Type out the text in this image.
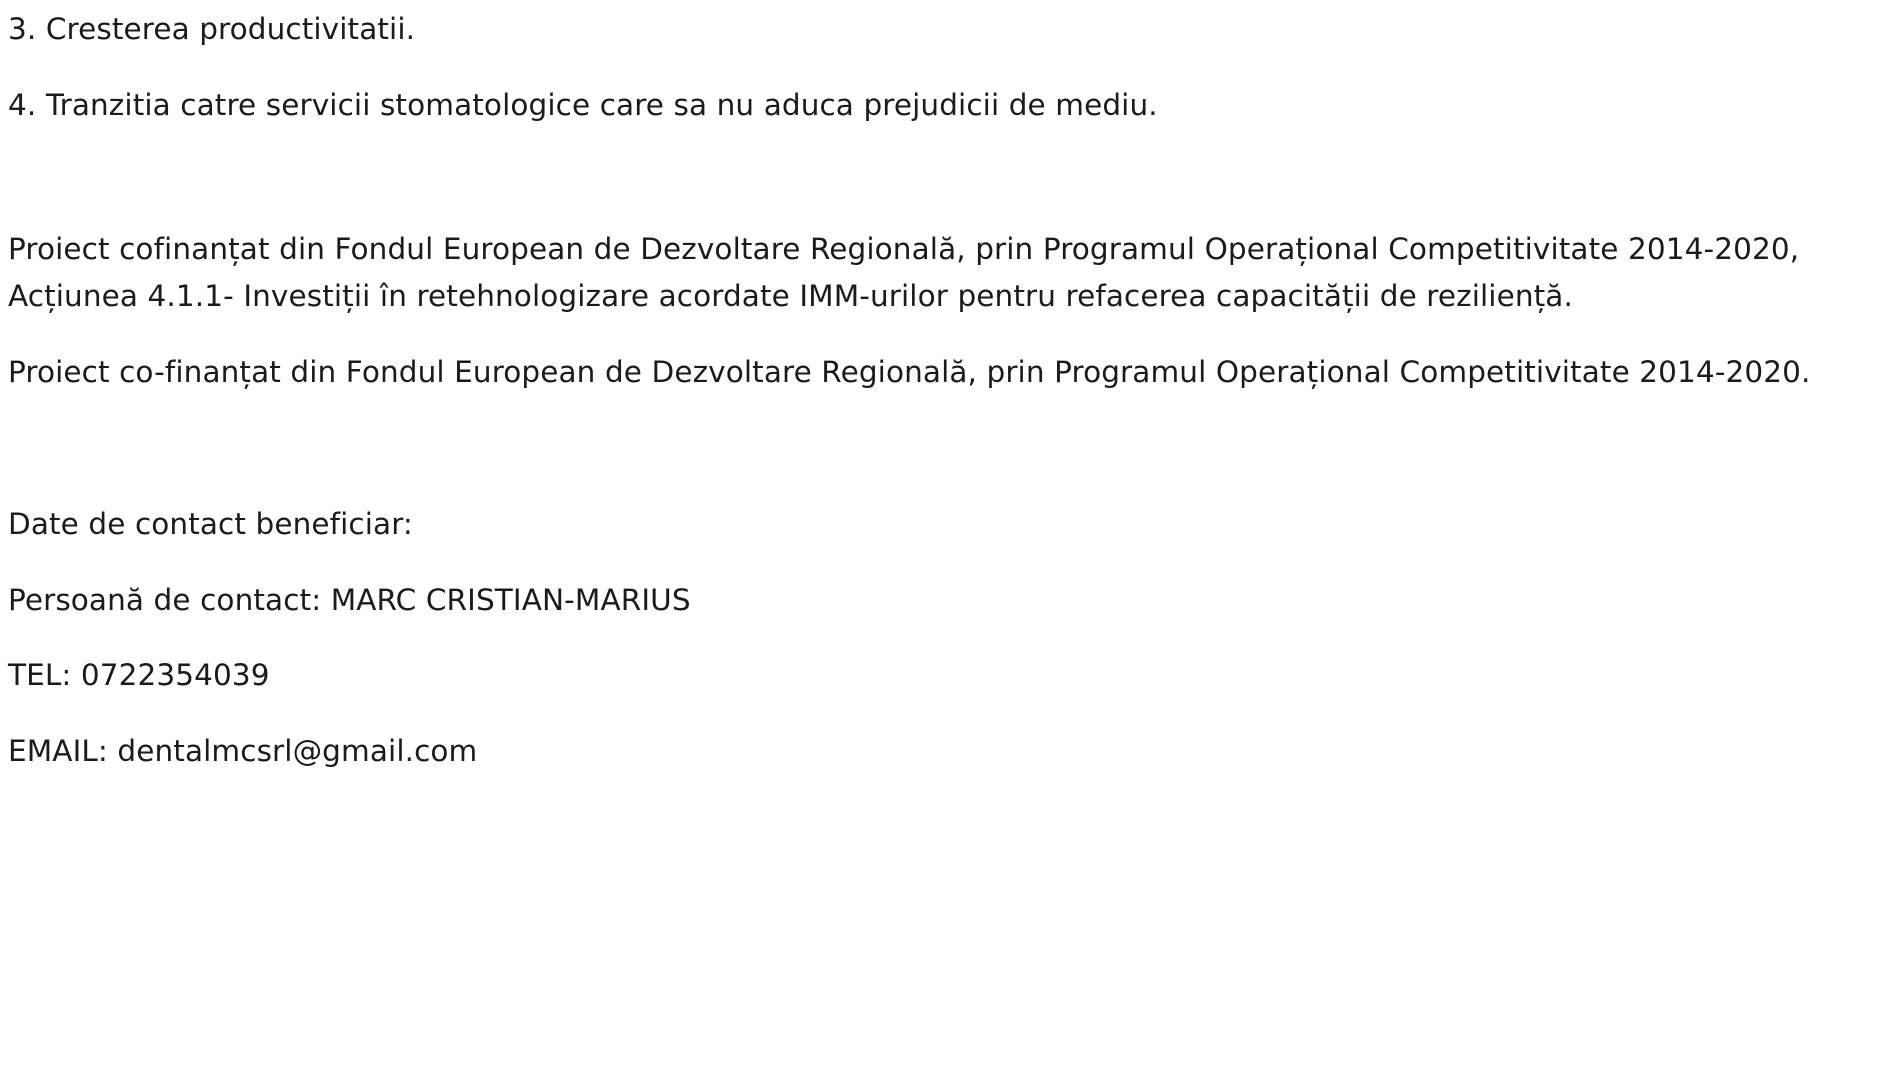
3. Cresterea productivitatii.

4. Tranzitia catre servicii stomatologice care sa nu aduca prejudicii de mediu.

Proiect cofinanțat din Fondul European de Dezvoltare Regională, prin Programul Operațional Competitivitate 2014-2020, Acțiunea 4.1.1- Investiții în retehnologizare acordate IMM-urilor pentru refacerea capacității de reziliență.

Proiect co-finanțat din Fondul European de Dezvoltare Regională, prin Programul Operațional Competitivitate 2014-2020.

Date de contact beneficiar:

Persoană de contact: MARC CRISTIAN-MARIUS

TEL: 0722354039

EMAIL: dentalmcsrl@gmail.com
